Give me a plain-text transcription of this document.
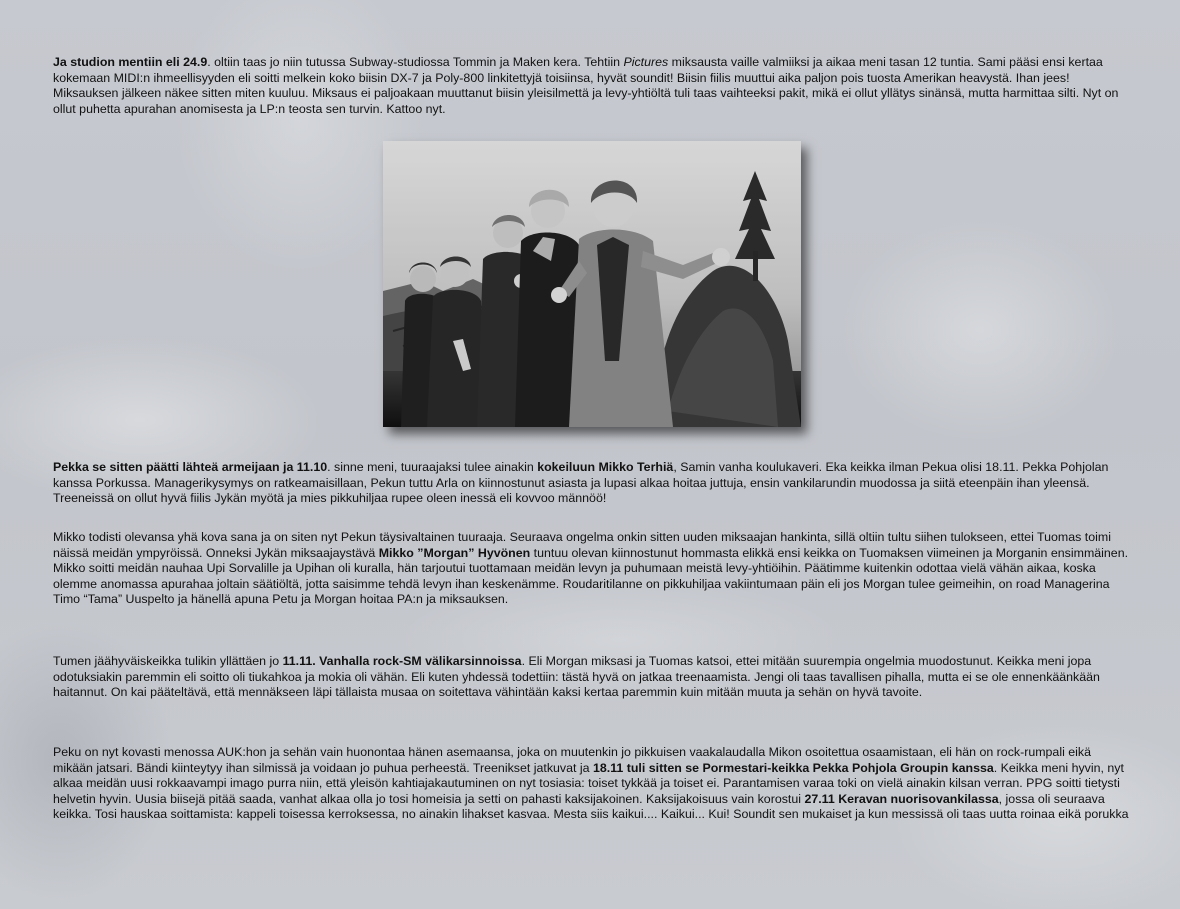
Ja studion mentiin eli 24.9. oltiin taas jo niin tutussa Subway-studiossa Tommin ja Maken kera. Tehtiin Pictures miksausta vaille valmiiksi ja aikaa meni tasan 12 tuntia. Sami pääsi ensi kertaa kokemaan MIDI:n ihmeellisyyden eli soitti melkein koko biisin DX-7 ja Poly-800 linkitettyjä toisiinsa, hyvät soundit! Biisin fiilis muuttui aika paljon pois tuosta Amerikan heavystä. Ihan jees! Miksauksen jälkeen näkee sitten miten kuuluu. Miksaus ei paljoakaan muuttanut biisin yleisilmettä ja levy-yhtiöltä tuli taas vaihteeksi pakit, mikä ei ollut yllätys sinänsä, mutta harmittaa silti. Nyt on ollut puhetta apurahan anomisesta ja LP:n teosta sen turvin. Kattoo nyt.

Pekka se sitten päätti lähteä armeijaan ja 11.10. sinne meni, tuuraajaksi tulee ainakin kokeiluun Mikko Terhiä, Samin vanha koulukaveri. Eka keikka ilman Pekua olisi 18.11. Pekka Pohjolan kanssa Porkussa. Managerikysymys on ratkeamaisillaan, Pekun tuttu Arla on kiinnostunut asiasta ja lupasi alkaa hoitaa juttuja, ensin vankilarundin muodossa ja siitä eteenpäin ihan yleensä. Treeneissä on ollut hyvä fiilis Jykän myötä ja mies pikkuhiljaa rupee oleen inessä eli kovvoo männöö!

Mikko todisti olevansa yhä kova sana ja on siten nyt Pekun täysivaltainen tuuraaja. Seuraava ongelma onkin sitten uuden miksaajan hankinta, sillä oltiin tultu siihen tulokseen, ettei Tuomas toimi näissä meidän ympyröissä. Onneksi Jykän miksaajaystävä Mikko ”Morgan” Hyvönen tuntuu olevan kiinnostunut hommasta elikkä ensi keikka on Tuomaksen viimeinen ja Morganin ensimmäinen. Mikko soitti meidän nauhaa Upi Sorvalille ja Upihan oli kuralla, hän tarjoutui tuottamaan meidän levyn ja puhumaan meistä levy-yhtiöihin. Päätimme kuitenkin odottaa vielä vähän aikaa, koska olemme anomassa apurahaa joltain säätiöltä, jotta saisimme tehdä levyn ihan keskenämme. Roudaritilanne on pikkuhiljaa vakiintumaan päin eli jos Morgan tulee geimeihin, on road Managerina Timo “Tama” Uuspelto ja hänellä apuna Petu ja Morgan hoitaa PA:n ja miksauksen.

Tumen jäähyväiskeikka tulikin yllättäen jo 11.11. Vanhalla rock-SM välikarsinnoissa. Eli Morgan miksasi ja Tuomas katsoi, ettei mitään suurempia ongelmia muodostunut. Keikka meni jopa odotuksiakin paremmin eli soitto oli tiukahkoa ja mokia oli vähän. Eli kuten yhdessä todettiin: tästä hyvä on jatkaa treenaamista. Jengi oli taas tavallisen pihalla, mutta ei se ole ennenkäänkään haitannut. On kai pääteltävä, että mennäkseen läpi tällaista musaa on soitettava vähintään kaksi kertaa paremmin kuin mitään muuta ja sehän on hyvä tavoite.

Peku on nyt kovasti menossa AUK:hon ja sehän vain huonontaa hänen asemaansa, joka on muutenkin jo pikkuisen vaakalaudalla Mikon osoitettua osaamistaan, eli hän on rock-rumpali eikä mikään jatsari. Bändi kiinteytyy ihan silmissä ja voidaan jo puhua perheestä. Treenikset jatkuvat ja 18.11 tuli sitten se Pormestari-keikka Pekka Pohjola Groupin kanssa. Keikka meni hyvin, nyt alkaa meidän uusi rokkaavampi imago purra niin, että yleisön kahtiajakautuminen on nyt tosiasia: toiset tykkää ja toiset ei. Parantamisen varaa toki on vielä ainakin kilsan verran. PPG soitti tietysti helvetin hyvin. Uusia biisejä pitää saada, vanhat alkaa olla jo tosi homeisia ja setti on pahasti kaksijakoinen. Kaksijakoisuus vain korostui 27.11 Keravan nuorisovankilassa, jossa oli seuraava keikka. Tosi hauskaa soittamista: kappeli toisessa kerroksessa, no ainakin lihakset kasvaa. Mesta siis kaikui.... Kaikui... Kui! Soundit sen mukaiset ja kun messissä oli taas uutta roinaa eikä porukka
